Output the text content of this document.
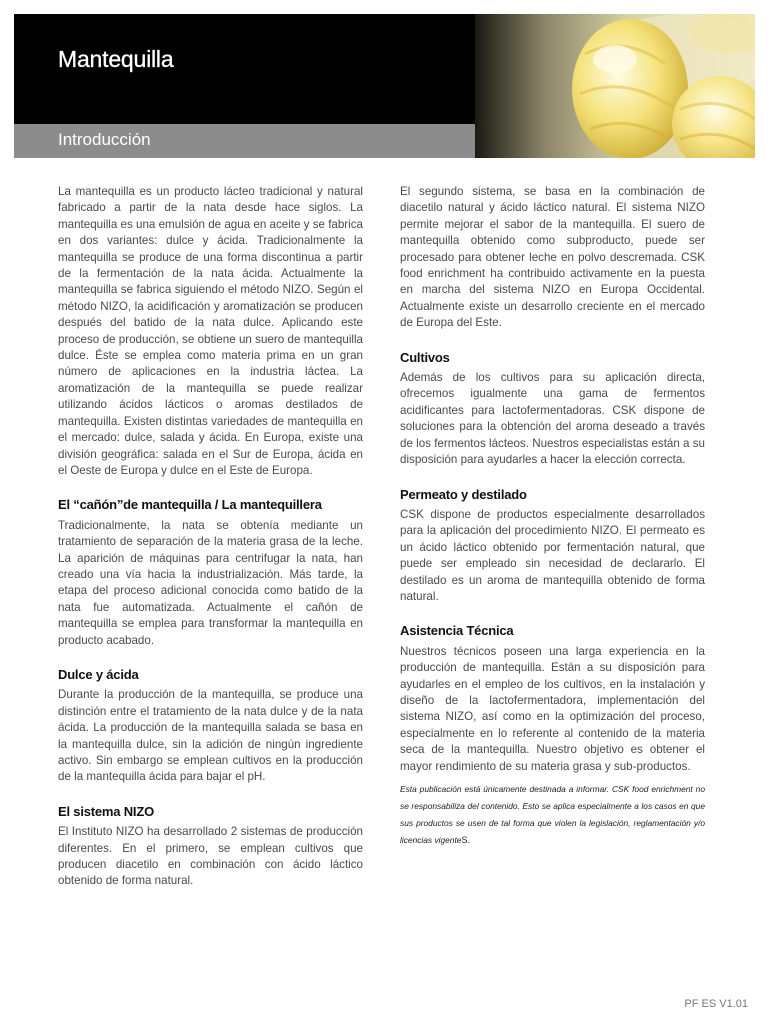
Mantequilla
Introducción

La mantequilla es un producto lácteo tradicional y natural fabricado a partir de la nata desde hace siglos. La mantequilla es una emulsión de agua en aceite y se fabrica en dos variantes: dulce y ácida. Tradicionalmente la mantequilla se produce de una forma discontinua a partir de la fermentación de la nata ácida. Actualmente la mantequilla se fabrica siguiendo el método NIZO. Según el método NIZO, la acidificación y aromatización se producen después del batido de la nata dulce. Aplicando este proceso de producción, se obtiene un suero de mantequilla dulce. Éste se emplea como materia prima en un gran número de aplicaciones en la industria láctea. La aromatización de la mantequilla se puede realizar utilizando ácidos lácticos o aromas destilados de mantequilla. Existen distintas variedades de mantequilla en el mercado: dulce, salada y ácida. En Europa, existe una división geográfica: salada en el Sur de Europa, ácida en el Oeste de Europa y dulce en el Este de Europa.

El “cañón”de mantequilla / La mantequillera

Tradicionalmente, la nata se obtenía mediante un tratamiento de separación de la materia grasa de la leche. La aparición de máquinas para centrifugar la nata, han creado una vía hacia la industrialización. Más tarde, la etapa del proceso adicional conocida como batido de la nata fue automatizada. Actualmente el cañón de mantequilla se emplea para transformar la mantequilla en producto acabado.

Dulce y ácida

Durante la producción de la mantequilla, se produce una distinción entre el tratamiento de la nata dulce y de la nata ácida. La producción de la mantequilla salada se basa en la mantequilla dulce, sin la adición de ningún ingrediente activo. Sin embargo se emplean cultivos en la producción de la mantequilla ácida para bajar el pH.

El sistema NIZO

El Instituto NIZO ha desarrollado 2 sistemas de producción diferentes. En el primero, se emplean cultivos que producen diacetilo en combinación con ácido láctico obtenido de forma natural.

El segundo sistema, se basa en la combinación de diacetilo natural y ácido láctico natural. El sistema NIZO permite mejorar el sabor de la mantequilla. El suero de mantequilla obtenido como subproducto, puede ser procesado para obtener leche en polvo descremada. CSK food enrichment ha contribuido activamente en la puesta en marcha del sistema NIZO en Europa Occidental. Actualmente existe un desarrollo creciente en el mercado de Europa del Este.

Cultivos

Además de los cultivos para su aplicación directa, ofrecemos igualmente una gama de fermentos acidificantes para lactofermentadoras. CSK dispone de soluciones para la obtención del aroma deseado a través de los fermentos lácteos. Nuestros especialistas están a su disposición para ayudarles a hacer la elección correcta.

Permeato y destilado

CSK dispone de productos especialmente desarrollados para la aplicación del procedimiento NIZO. El permeato es un ácido láctico obtenido por fermentación natural, que puede ser empleado sin necesidad de declararlo. El destilado es un aroma de mantequilla obtenido de forma natural.

Asistencia Técnica

Nuestros técnicos poseen una larga experiencia en la producción de mantequilla. Están a su disposición para ayudarles en el empleo de los cultivos, en la instalación y diseño de la lactofermentadora, implementación del sistema NIZO, así como en la optimización del proceso, especialmente en lo referente al contenido de la materia seca de la mantequilla. Nuestro objetivo es obtener el mayor rendimiento de su materia grasa y sub-productos.

Esta publicación está únicamente destinada a informar. CSK food enrichment no se responsabiliza del contenido. Esto se aplica especialmente a los casos en que sus productos se usen de tal forma que violen la legislación, reglamentación y/o licencias vigenteS.

PF ES V1.01
